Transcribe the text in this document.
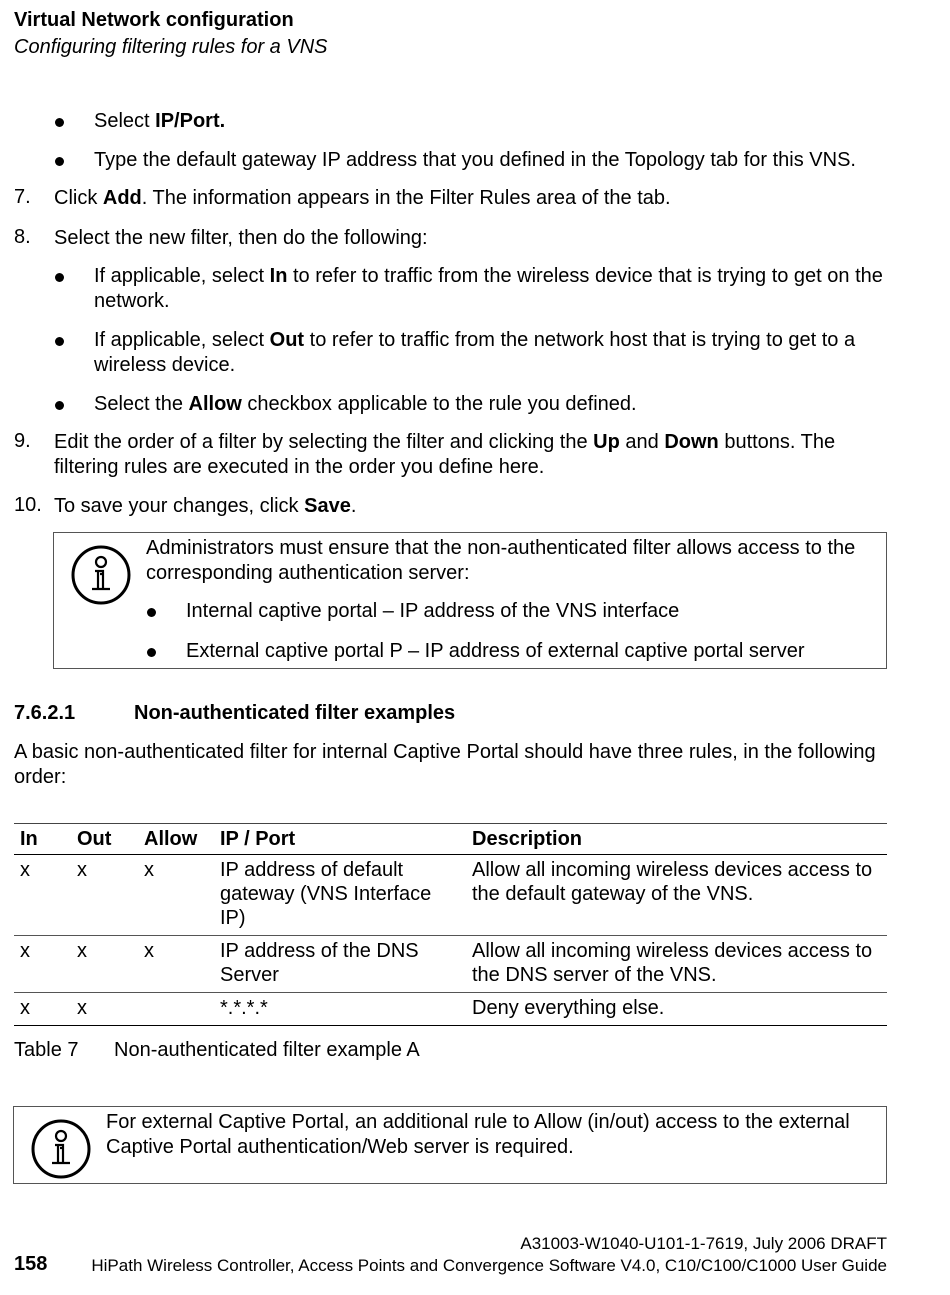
Virtual Network configuration
Configuring filtering rules for a VNS
Select IP/Port.
Type the default gateway IP address that you defined in the Topology tab for this VNS.
7. Click Add. The information appears in the Filter Rules area of the tab.
8. Select the new filter, then do the following:
If applicable, select In to refer to traffic from the wireless device that is trying to get on the network.
If applicable, select Out to refer to traffic from the network host that is trying to get to a wireless device.
Select the Allow checkbox applicable to the rule you defined.
9. Edit the order of a filter by selecting the filter and clicking the Up and Down buttons. The filtering rules are executed in the order you define here.
10. To save your changes, click Save.
Administrators must ensure that the non-authenticated filter allows access to the corresponding authentication server:
Internal captive portal – IP address of the VNS interface
External captive portal P – IP address of external captive portal server
7.6.2.1	Non-authenticated filter examples
A basic non-authenticated filter for internal Captive Portal should have three rules, in the following order:
In	Out	Allow	IP / Port	Description
x	x	x	IP address of default gateway (VNS Interface IP)	Allow all incoming wireless devices access to the default gateway of the VNS.
x	x	x	IP address of the DNS Server	Allow all incoming wireless devices access to the DNS server of the VNS.
x	x		*.*.*.*	Deny everything else.
Table 7 Non-authenticated filter example A
For external Captive Portal, an additional rule to Allow (in/out) access to the external Captive Portal authentication/Web server is required.
A31003-W1040-U101-1-7619, July 2006 DRAFT
158	HiPath Wireless Controller, Access Points and Convergence Software V4.0, C10/C100/C1000 User Guide
